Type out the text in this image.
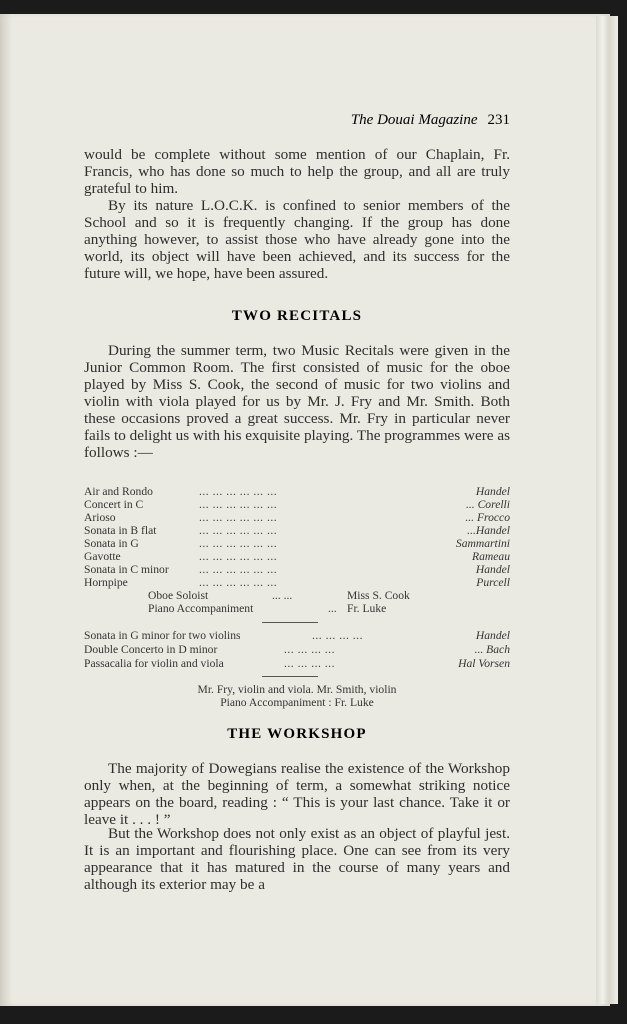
The Douai Magazine 231

would be complete without some mention of our Chaplain, Fr. Francis, who has done so much to help the group, and all are truly grateful to him.

By its nature L.O.C.K. is confined to senior members of the School and so it is frequently changing. If the group has done anything however, to assist those who have already gone into the world, its object will have been achieved, and its success for the future will, we hope, have been assured.

TWO RECITALS

During the summer term, two Music Recitals were given in the Junior Common Room. The first consisted of music for the oboe played by Miss S. Cook, the second of music for two violins and violin with viola played for us by Mr. J. Fry and Mr. Smith. Both these occasions proved a great success. Mr. Fry in particular never fails to delight us with his exquisite playing. The programmes were as follows :—

Air and Rondo	... ... ... ... ... ...	Handel
Concert in C	... ... ... ... ... ...	... Corelli
Arioso	... ... ... ... ... ...	... Frocco
Sonata in B flat	... ... ... ... ... ...	...Handel
Sonata in G	... ... ... ... ... ...	Sammartini
Gavotte	... ... ... ... ... ...	Rameau
Sonata in C minor	... ... ... ... ... ...	Handel
Hornpipe	... ... ... ... ... ...	Purcell
Oboe Soloist	... ...	Miss S. Cook
Piano Accompaniment	... Fr. Luke
Sonata in G minor for two violins	... ... ... ...	Handel
Double Concerto in D minor	... ... ... ...	... Bach
Passacalia for violin and viola	... ... ... ...	Hal Vorsen
Mr. Fry, violin and viola. Mr. Smith, violin
Piano Accompaniment : Fr. Luke
THE WORKSHOP

The majority of Dowegians realise the existence of the Workshop only when, at the beginning of term, a somewhat striking notice appears on the board, reading : “ This is your last chance. Take it or leave it . . . ! ”

But the Workshop does not only exist as an object of playful jest. It is an important and flourishing place. One can see from its very appearance that it has matured in the course of many years and although its exterior may be a
